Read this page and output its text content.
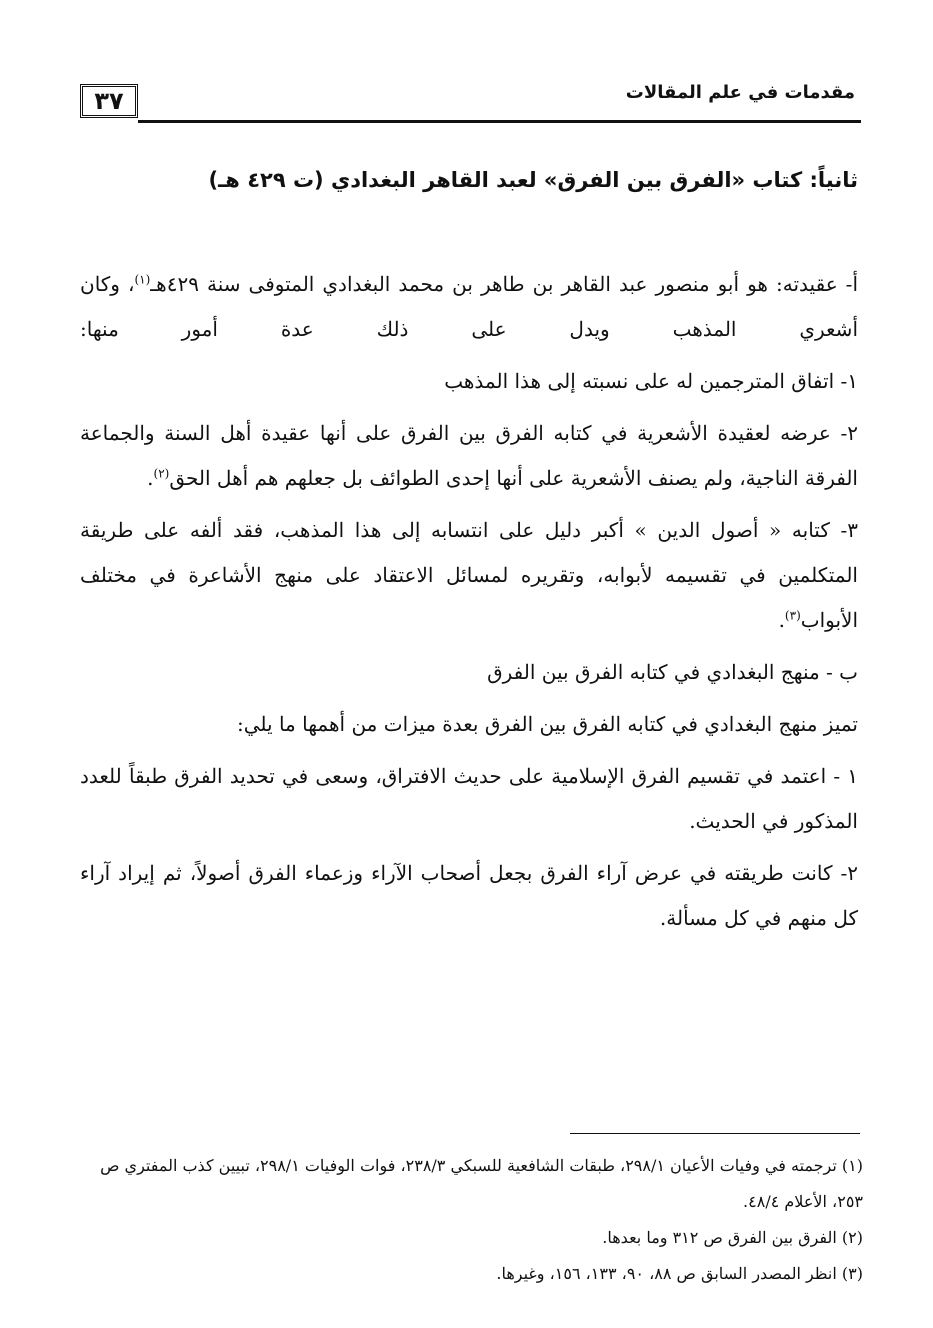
٣٧	مقدمات في علم المقالات
ثانياً: كتاب «الفرق بين الفرق» لعبد القاهر البغدادي (ت ٤٢٩ هـ)

أ- عقيدته: هو أبو منصور عبد القاهر بن طاهر بن محمد البغدادي المتوفى سنة ٤٢٩هـ$^{(١)}$، وكان أشعري المذهب ويدل على ذلك عدة أمور منها:

١- اتفاق المترجمين له على نسبته إلى هذا المذهب

٢- عرضه لعقيدة الأشعرية في كتابه الفرق بين الفرق على أنها عقيدة أهل السنة والجماعة الفرقة الناجية، ولم يصنف الأشعرية على أنها إحدى الطوائف بل جعلهم هم أهل الحق$^{(٢)}$.

٣- كتابه « أصول الدين » أكبر دليل على انتسابه إلى هذا المذهب، فقد ألفه على طريقة المتكلمين في تقسيمه لأبوابه، وتقريره لمسائل الاعتقاد على منهج الأشاعرة في مختلف الأبواب$^{(٣)}$.

ب - منهج البغدادي في كتابه الفرق بين الفرق

تميز منهج البغدادي في كتابه الفرق بين الفرق بعدة ميزات من أهمها ما يلي:

١ - اعتمد في تقسيم الفرق الإسلامية على حديث الافتراق، وسعى في تحديد الفرق طبقاً للعدد المذكور في الحديث.

٢- كانت طريقته في عرض آراء الفرق بجعل أصحاب الآراء وزعماء الفرق أصولاً، ثم إيراد آراء كل منهم في كل مسألة.

(١) ترجمته في وفيات الأعيان ٢٩٨/١، طبقات الشافعية للسبكي ٢٣٨/٣، فوات الوفيات ٢٩٨/١، تبيين كذب المفتري ص ٢٥٣، الأعلام ٤٨/٤.

(٢) الفرق بين الفرق ص ٣١٢ وما بعدها.

(٣) انظر المصدر السابق ص ٨٨، ٩٠، ١٣٣، ١٥٦، وغيرها.
